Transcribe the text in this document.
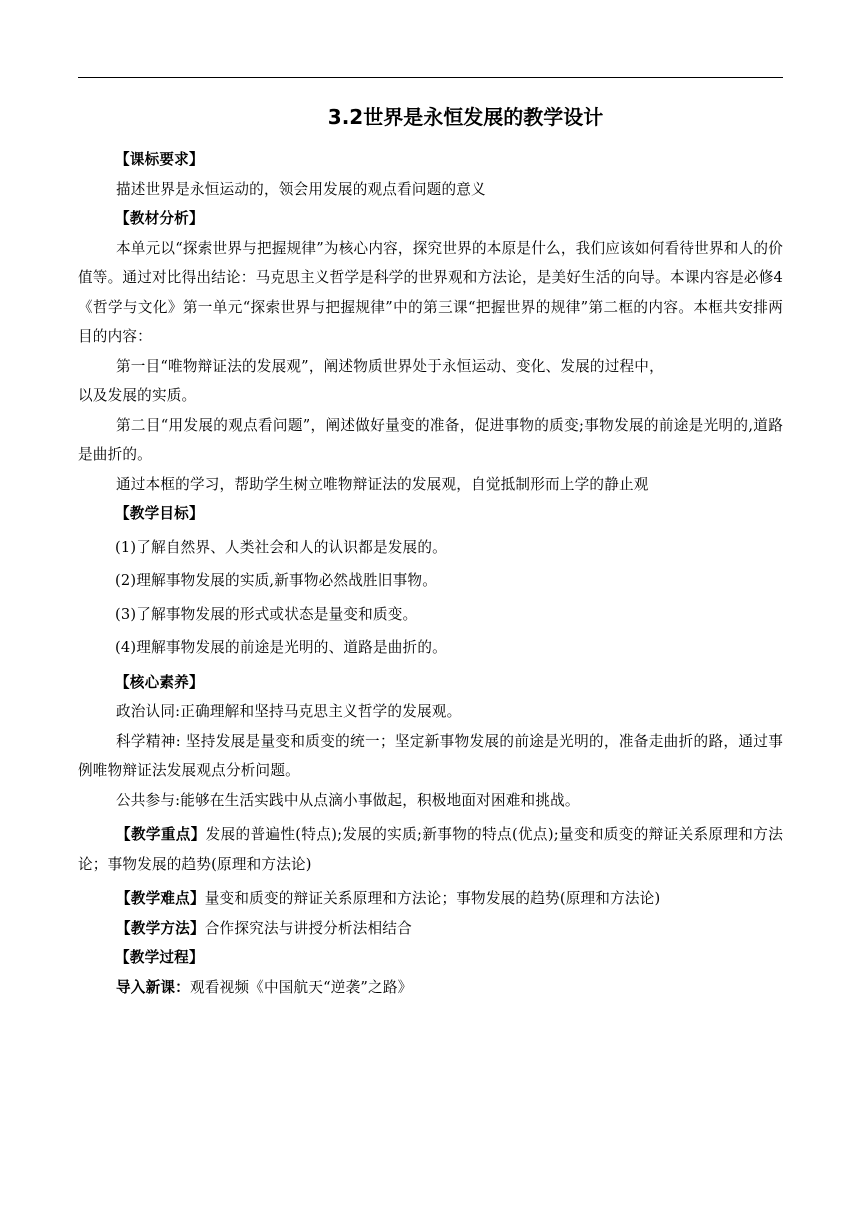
3.2世界是永恒发展的教学设计

【课标要求】

描述世界是永恒运动的，领会用发展的观点看问题的意义

【教材分析】

本单元以“探索世界与把握规律”为核心内容，探究世界的本原是什么，我们应该如何看待世界和人的价值等。通过对比得出结论：马克思主义哲学是科学的世界观和方法论，是美好生活的向导。本课内容是必修4《哲学与文化》第一单元“探索世界与把握规律”中的第三课“把握世界的规律”第二框的内容。本框共安排两目的内容：

第一目“唯物辩证法的发展观”，阐述物质世界处于永恒运动、变化、发展的过程中，

以及发展的实质。

第二目“用发展的观点看问题”，阐述做好量变的准备，促进事物的质变;事物发展的前途是光明的,道路是曲折的。

通过本框的学习，帮助学生树立唯物辩证法的发展观，自觉抵制形而上学的静止观

【教学目标】

(1)了解自然界、人类社会和人的认识都是发展的。

(2)理解事物发展的实质,新事物必然战胜旧事物。

(3)了解事物发展的形式或状态是量变和质变。

(4)理解事物发展的前途是光明的、道路是曲折的。

【核心素养】

政治认同:正确理解和坚持马克思主义哲学的发展观。

科学精神: 坚持发展是量变和质变的统一；坚定新事物发展的前途是光明的，准备走曲折的路，通过事例唯物辩证法发展观点分析问题。

公共参与:能够在生活实践中从点滴小事做起，积极地面对困难和挑战。

【教学重点】发展的普遍性(特点);发展的实质;新事物的特点(优点);量变和质变的辩证关系原理和方法论；事物发展的趋势(原理和方法论)

【教学难点】量变和质变的辩证关系原理和方法论；事物发展的趋势(原理和方法论)

【教学方法】合作探究法与讲授分析法相结合

【教学过程】

导入新课：观看视频《中国航天“逆袭”之路》
